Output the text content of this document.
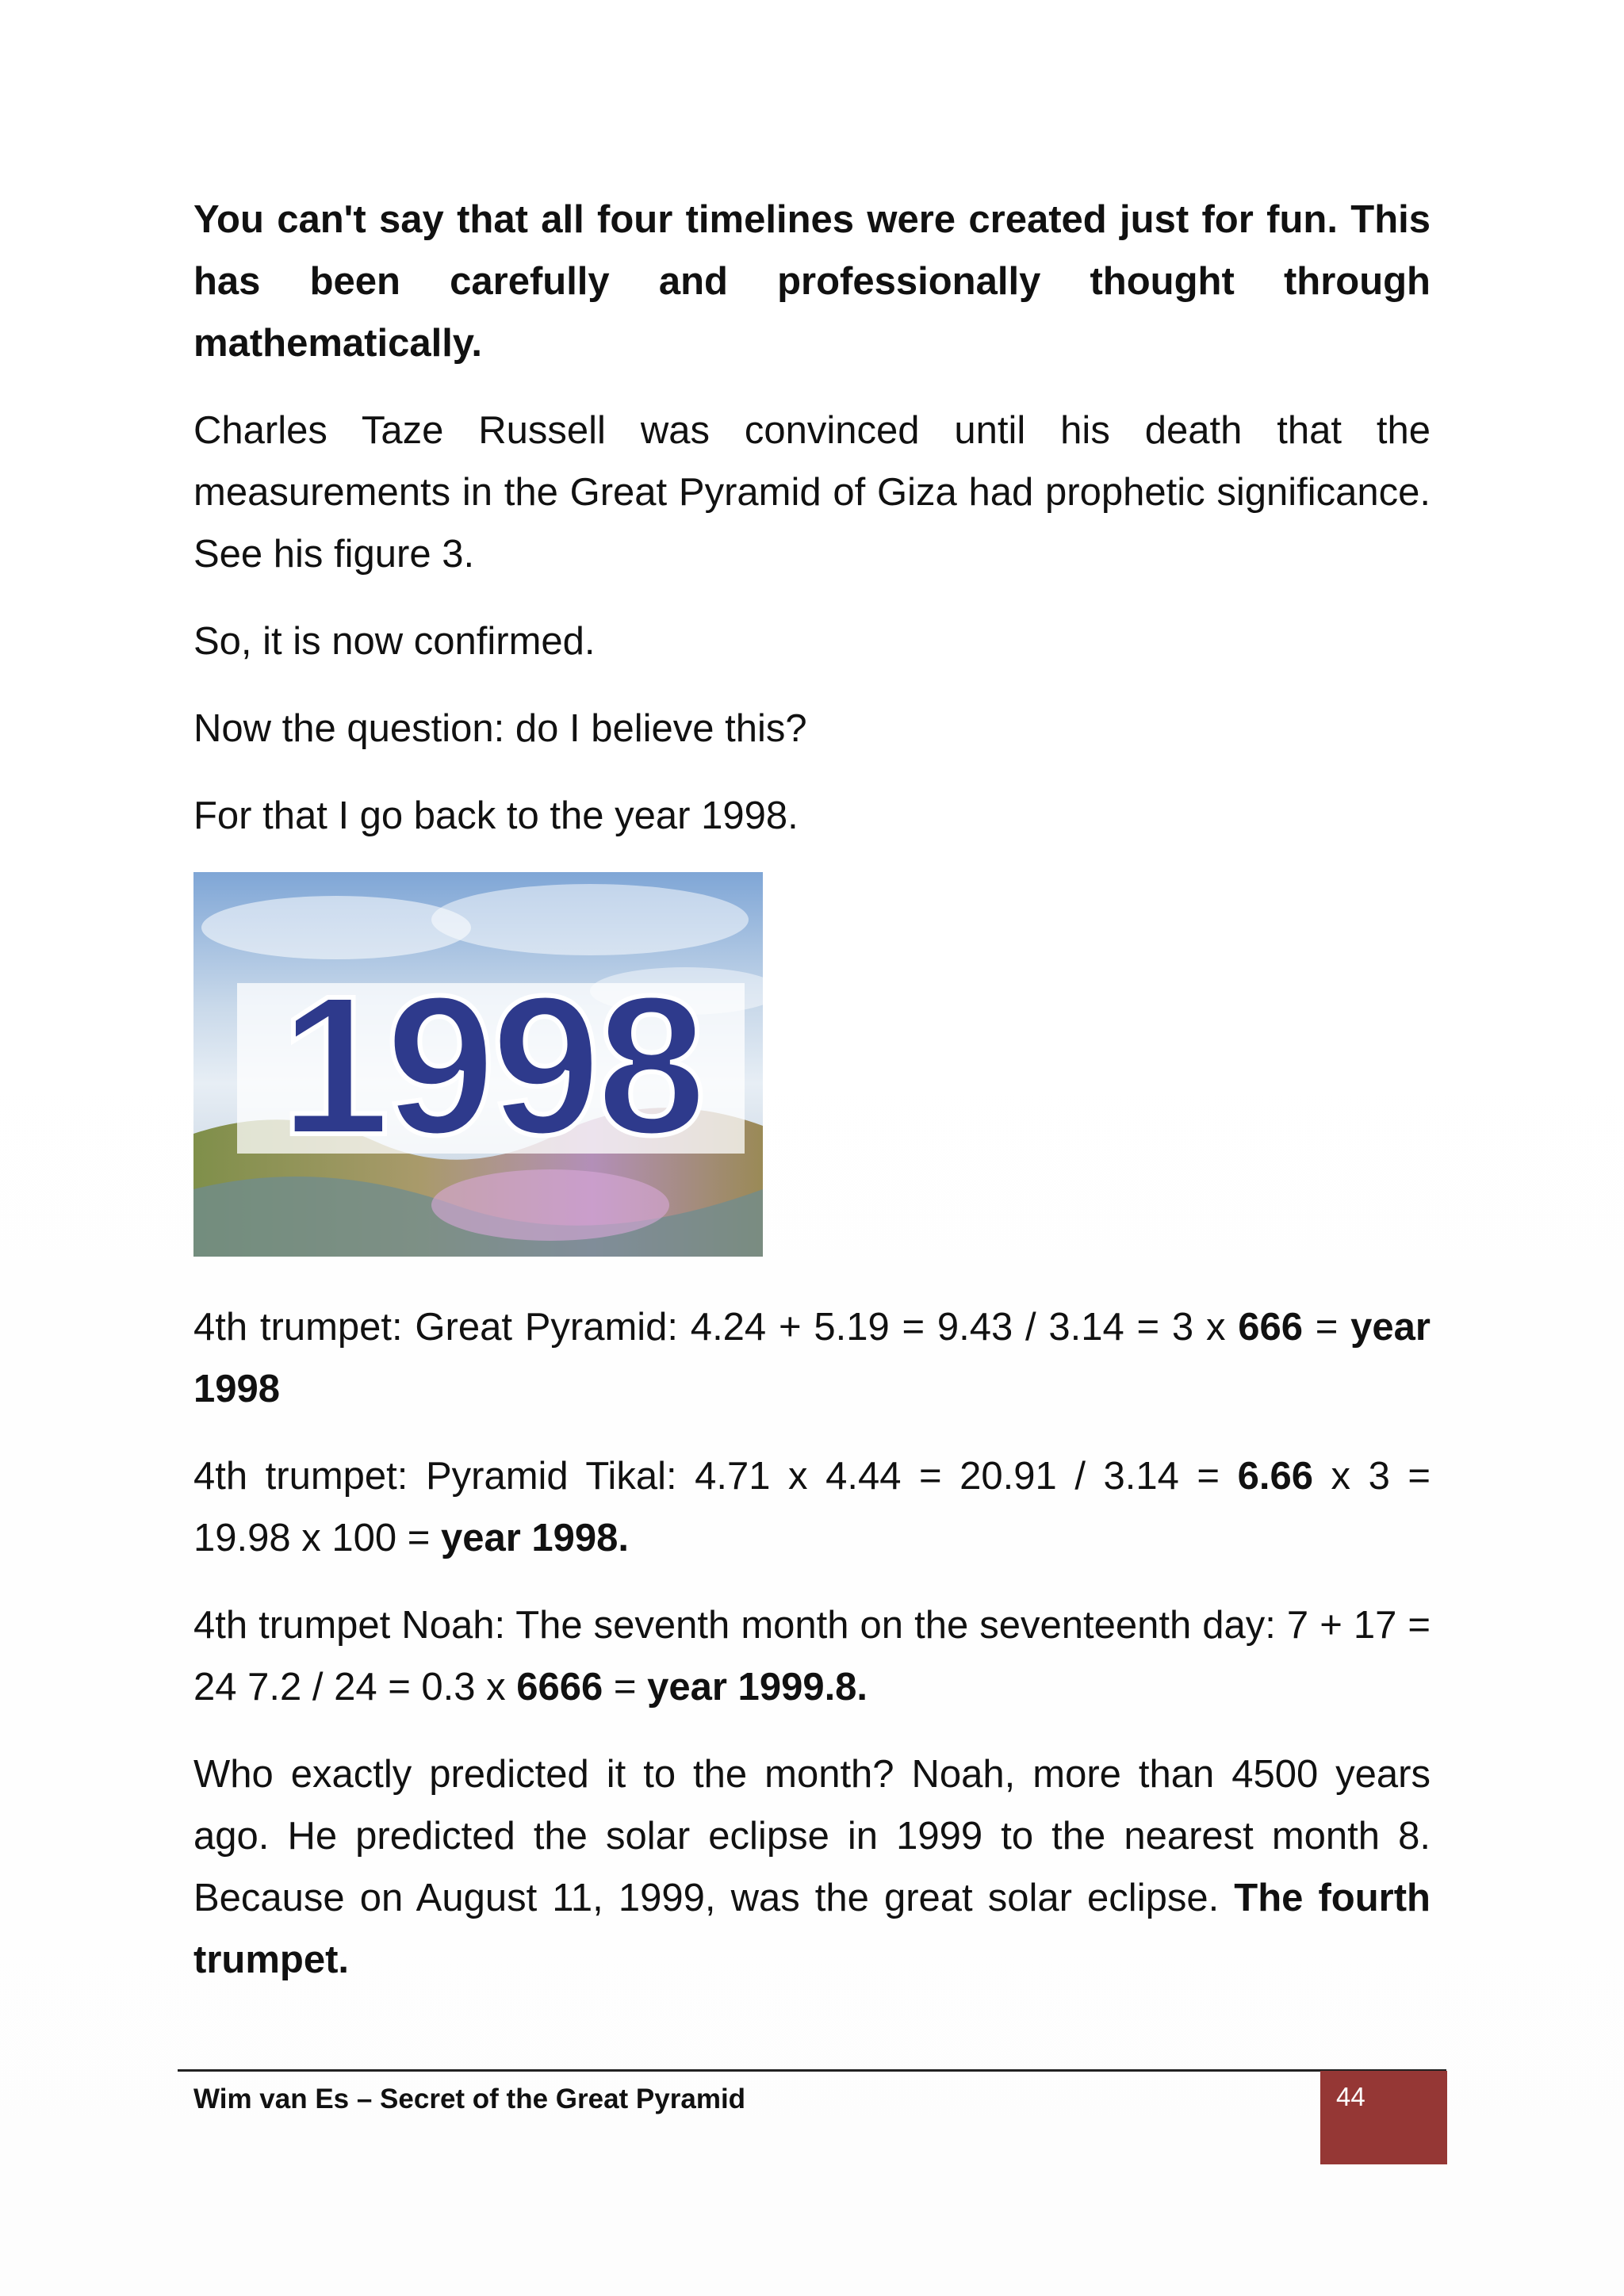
You can't say that all four timelines were created just for fun. This has been carefully and professionally thought through mathematically.

Charles Taze Russell was convinced until his death that the measurements in the Great Pyramid of Giza had prophetic significance. See his figure 3.

So, it is now confirmed.

Now the question: do I believe this?

For that I go back to the year 1998.

1998

4th trumpet: Great Pyramid: 4.24 + 5.19 = 9.43 / 3.14 = 3 x 666 = year 1998

4th trumpet: Pyramid Tikal: 4.71 x 4.44 = 20.91 / 3.14 = 6.66 x 3 = 19.98 x 100 = year 1998.

4th trumpet Noah: The seventh month on the seventeenth day: 7 + 17 = 24 7.2 / 24 = 0.3 x 6666 = year 1999.8.

Who exactly predicted it to the month? Noah, more than 4500 years ago. He predicted the solar eclipse in 1999 to the nearest month 8. Because on August 11, 1999, was the great solar eclipse. The fourth trumpet.

Wim van Es – Secret of the Great Pyramid	44
